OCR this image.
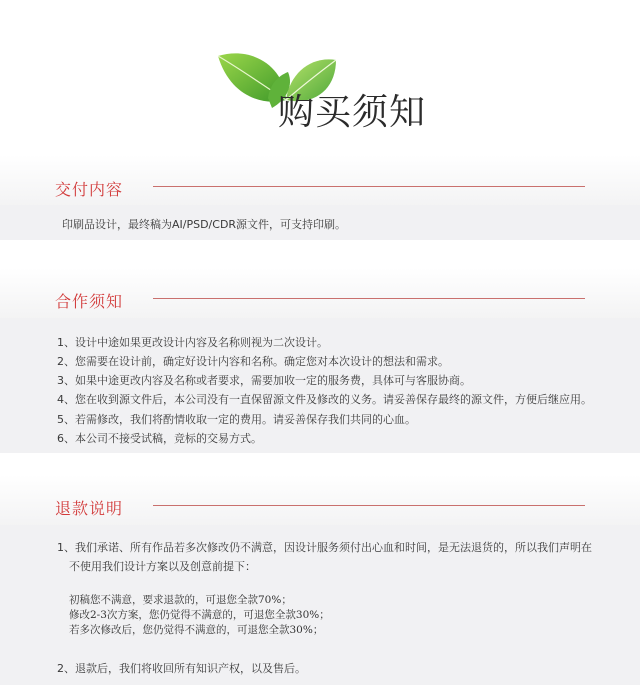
购买须知
交付内容
印刷品设计，最终稿为AI/PSD/CDR源文件，可支持印刷。
合作须知
1、设计中途如果更改设计内容及名称则视为二次设计。
2、您需要在设计前，确定好设计内容和名称。确定您对本次设计的想法和需求。
3、如果中途更改内容及名称或者要求，需要加收一定的服务费，具体可与客服协商。
4、您在收到源文件后，本公司没有一直保留源文件及修改的义务。请妥善保存最终的源文件，方便后继应用。
5、若需修改，我们将酌情收取一定的费用。请妥善保存我们共同的心血。
6、本公司不接受试稿，竞标的交易方式。
退款说明
1、我们承诺、所有作品若多次修改仍不满意，因设计服务须付出心血和时间，是无法退货的，所以我们声明在
不使用我们设计方案以及创意前提下：
初稿您不满意，要求退款的，可退您全款70%；
修改2-3次方案，您仍觉得不满意的，可退您全款30%；
若多次修改后，您仍觉得不满意的，可退您全款30%；
2、退款后，我们将收回所有知识产权，以及售后。
